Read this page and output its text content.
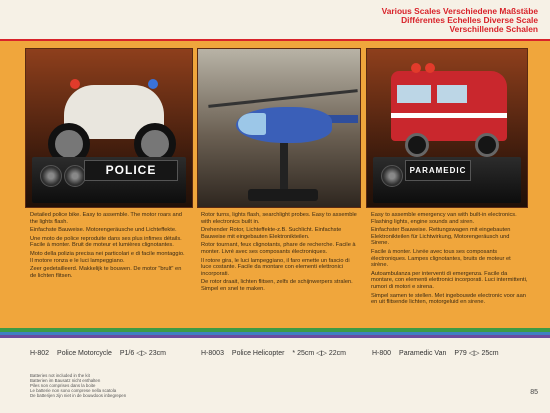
Various Scales Verschiedene Maßstäbe
Différentes Echelles Diverse Scale
Verschillende Schalen
POLICE	PARAMEDIC

Detailed police bike. Easy to assemble. The motor roars and the lights flash.

Einfachste Bauweise. Motorengeräusche und Lichteffekte.

Une moto de police reproduite dans ses plus infimes détails. Facile à monter. Bruit de moteur et lumières clignotantes.

Moto della polizia precisa nei particolari e di facile montaggio. Il motore ronza e le luci lampeggiano.

Zeer gedetailleerd. Makkelijk te bouwen. De motor "brult" en de lichten flitsen.

Rotor turns, lights flash, searchlight probes. Easy to assemble with electronics built in.

Drehender Rotor, Lichteffekte-z.B. Suchlicht. Einfachste Bauweise mit eingebauten Elektronikteilen.

Rotor tournant, feux clignotants, phare de recherche. Facile à monter. Livré avec ses composants électroniques.

Il rotore gira, le luci lampeggiano, il faro emette un fascio di luce costante. Facile da montare con elementi elettronici incorporati.

De rotor draait, lichten flitsen, zelfs de schijnwerpers stralen. Simpel en snel te maken.

Easy to assemble emergency van with built-in electronics. Flashing lights, engine sounds and siren.

Einfachster Bauweise. Rettungswagen mit eingebauten Elektronikteilen für Lichtwirkung, Motorengeräusch und Sirene.

Facile à monter. Livrée avec tous ses composants électroniques. Lampes clignotantes, bruits de moteur et sirène.

Autoambulanza per interventi di emergenza. Facile da montare, con elementi elettronici incorporati. Luci intermittenti, rumori di motori e sirena.

Simpel samen te stellen. Met ingebouwde electronic voor aan en uit flitsende lichten, motorgeluid en sirene.

H-802 Police Motorcycle P1/6 ◁▷ 23cm	H-8003 Police Helicopter * 25cm ◁▷ 22cm	H-800 Paramedic Van P79 ◁▷ 25cm
Batteries not included in the kit
Batterien im Bausatz nicht enthalten
Piles non comprises dans la boite
Le batterie non sono comprese nella scatola
De batterijen zijn niet in de bouwdoos inbegrepen	85
